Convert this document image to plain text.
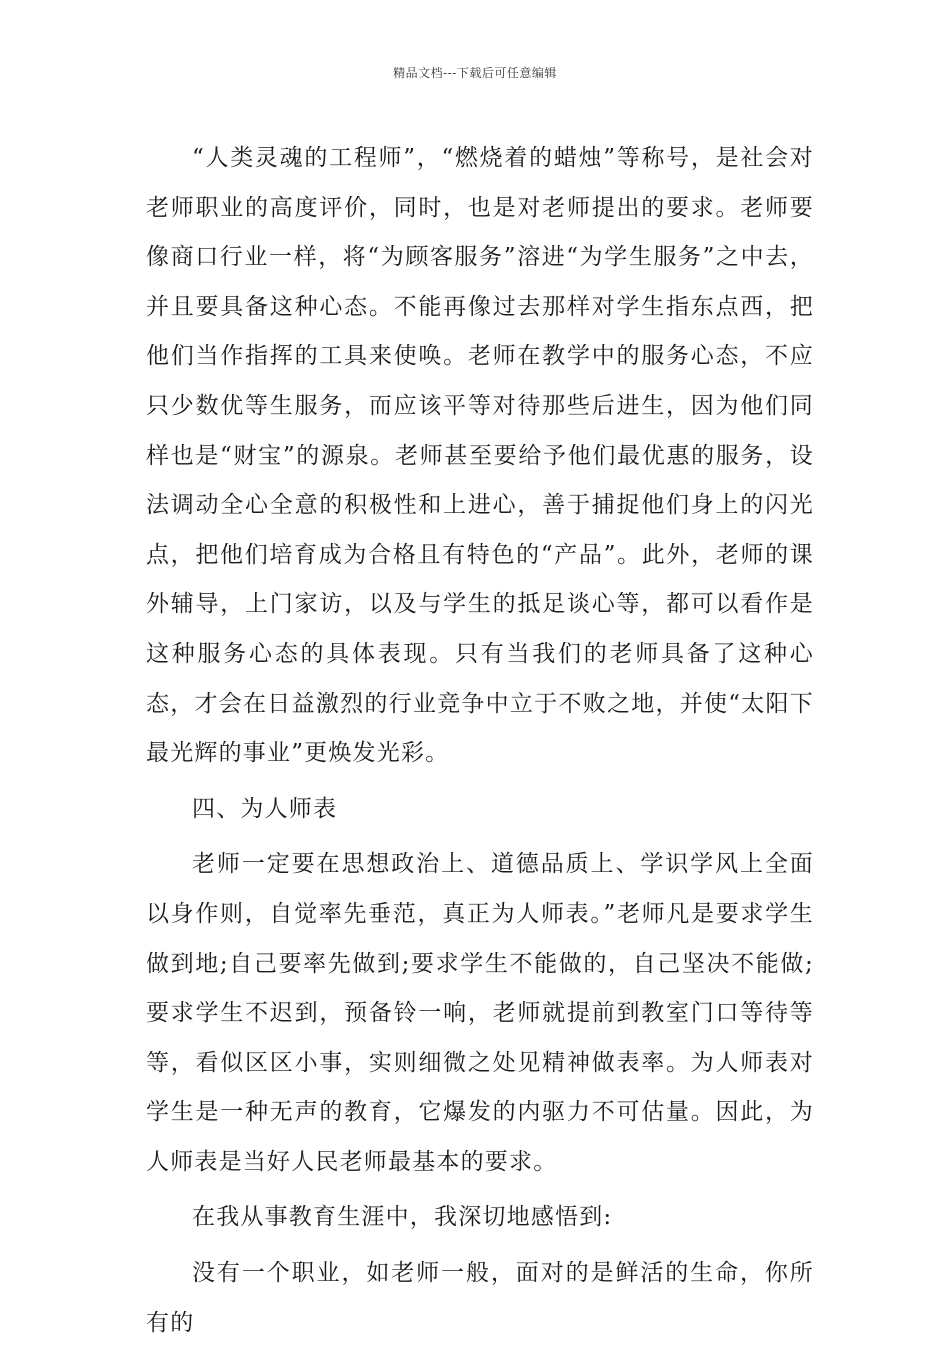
精品文档---下载后可任意编辑

“人类灵魂的工程师”，“燃烧着的蜡烛”等称号，是社会对老师职业的高度评价，同时，也是对老师提出的要求。老师要像商口行业一样，将“为顾客服务”溶进“为学生服务”之中去，并且要具备这种心态。不能再像过去那样对学生指东点西，把他们当作指挥的工具来使唤。老师在教学中的服务心态，不应只少数优等生服务，而应该平等对待那些后进生，因为他们同样也是“财宝”的源泉。老师甚至要给予他们最优惠的服务，设法调动全心全意的积极性和上进心，善于捕捉他们身上的闪光点，把他们培育成为合格且有特色的“产品”。此外，老师的课外辅导，上门家访，以及与学生的抵足谈心等，都可以看作是这种服务心态的具体表现。只有当我们的老师具备了这种心态，才会在日益激烈的行业竞争中立于不败之地，并使“太阳下最光辉的事业”更焕发光彩。

四、为人师表

老师一定要在思想政治上、道德品质上、学识学风上全面以身作则，自觉率先垂范，真正为人师表。”老师凡是要求学生做到地;自己要率先做到;要求学生不能做的，自己坚决不能做;要求学生不迟到，预备铃一响，老师就提前到教室门口等待等等，看似区区小事，实则细微之处见精神做表率。为人师表对学生是一种无声的教育，它爆发的内驱力不可估量。因此，为人师表是当好人民老师最基本的要求。

在我从事教育生涯中，我深切地感悟到:

没有一个职业，如老师一般，面对的是鲜活的生命，你所有的
